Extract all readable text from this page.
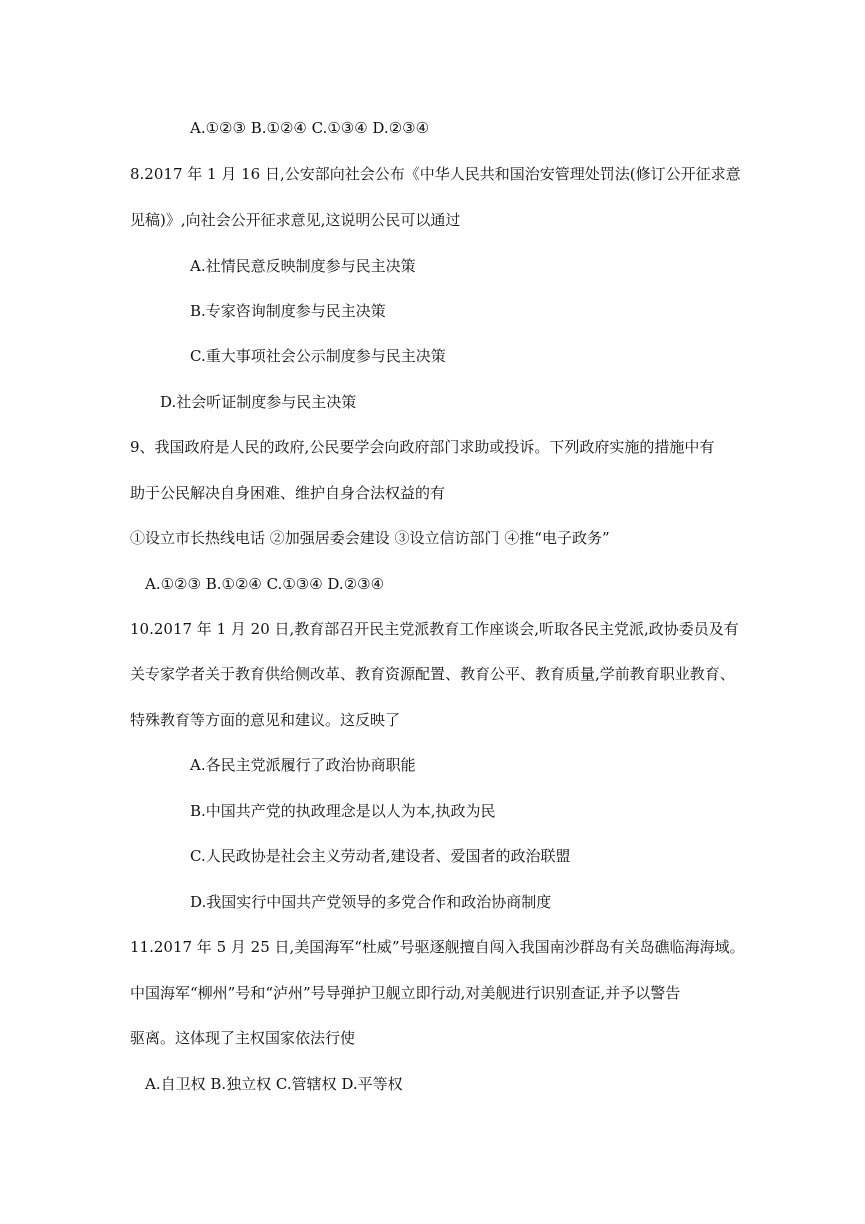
A.①②③ B.①②④ C.①③④ D.②③④
8.2017 年 1 月 16 日,公安部向社会公布《中华人民共和国治安管理处罚法(修订公开征求意
见稿)》,向社会公开征求意见,这说明公民可以通过
A.社情民意反映制度参与民主决策
B.专家咨询制度参与民主决策
C.重大事项社会公示制度参与民主决策
D.社会听证制度参与民主决策
9、我国政府是人民的政府,公民要学会向政府部门求助或投诉。下列政府实施的措施中有
助于公民解决自身困难、维护自身合法权益的有
①设立市长热线电话 ②加强居委会建设 ③设立信访部门 ④推“电子政务”
A.①②③ B.①②④ C.①③④ D.②③④
10.2017 年 1 月 20 日,教育部召开民主党派教育工作座谈会,听取各民主党派,政协委员及有
关专家学者关于教育供给侧改革、教育资源配置、教育公平、教育质量,学前教育职业教育、
特殊教育等方面的意见和建议。这反映了
A.各民主党派履行了政治协商职能
B.中国共产党的执政理念是以人为本,执政为民
C.人民政协是社会主义劳动者,建设者、爱国者的政治联盟
D.我国实行中国共产党领导的多党合作和政治协商制度
11.2017 年 5 月 25 日,美国海军“杜威”号驱逐舰擅自闯入我国南沙群岛有关岛礁临海海域。
中国海军“柳州”号和“泸州”号导弹护卫舰立即行动,对美舰进行识别查证,并予以警告
驱离。这体现了主权国家依法行使
A.自卫权 B.独立权 C.管辖权 D.平等权
